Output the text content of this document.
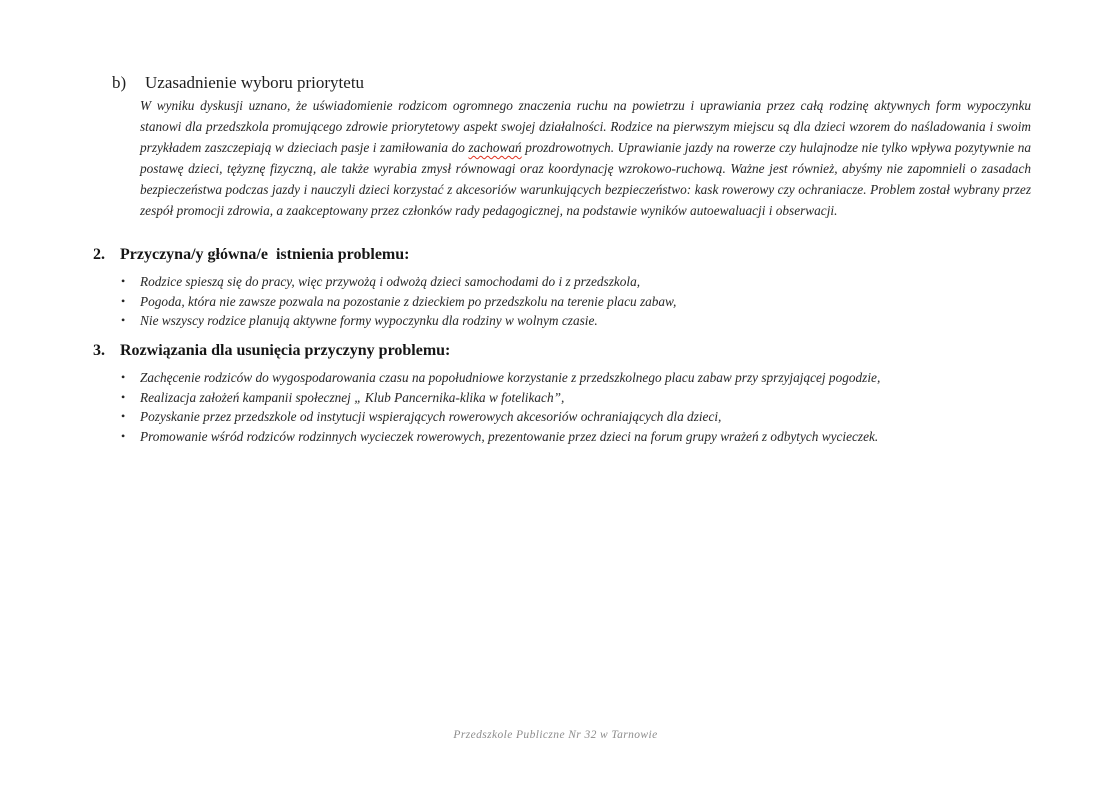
b)	Uzasadnienie wyboru priorytetu

W wyniku dyskusji uznano, że uświadomienie rodzicom ogromnego znaczenia ruchu na powietrzu i uprawiania przez całą rodzinę aktywnych form wypoczynku stanowi dla przedszkola promującego zdrowie priorytetowy aspekt swojej działalności. Rodzice na pierwszym miejscu są dla dzieci wzorem do naśladowania i swoim przykładem zaszczepiają w dzieciach pasje i zamiłowania do zachowań prozdrowotnych. Uprawianie jazdy na rowerze czy hulajnodze nie tylko wpływa pozytywnie na postawę dzieci, tężyznę fizyczną, ale także wyrabia zmysł równowagi oraz koordynację wzrokowo-ruchową. Ważne jest również, abyśmy nie zapomnieli o zasadach bezpieczeństwa podczas jazdy i nauczyli dzieci korzystać z akcesoriów warunkujących bezpieczeństwo: kask rowerowy czy ochraniacze. Problem został wybrany przez zespół promocji zdrowia, a zaakceptowany przez członków rady pedagogicznej, na podstawie wyników autoewaluacji i obserwacji.

2. Przyczyna/y główna/e  istnienia problemu:
• Rodzice spieszą się do pracy, więc przywożą i odwożą dzieci samochodami do i z przedszkola,
• Pogoda, która nie zawsze pozwala na pozostanie z dzieckiem po przedszkolu na terenie placu zabaw,
• Nie wszyscy rodzice planują aktywne formy wypoczynku dla rodziny w wolnym czasie.
3. Rozwiązania dla usunięcia przyczyny problemu:
• Zachęcenie rodziców do wygospodarowania czasu na popołudniowe korzystanie z przedszkolnego placu zabaw przy sprzyjającej pogodzie,
• Realizacja założeń kampanii społecznej „ Klub Pancernika-klika w fotelikach”,
• Pozyskanie przez przedszkole od instytucji wspierających rowerowych akcesoriów ochraniających dla dzieci,
• Promowanie wśród rodziców rodzinnych wycieczek rowerowych, prezentowanie przez dzieci na forum grupy wrażeń z odbytych wycieczek.
Przedszkole Publiczne Nr 32 w Tarnowie
